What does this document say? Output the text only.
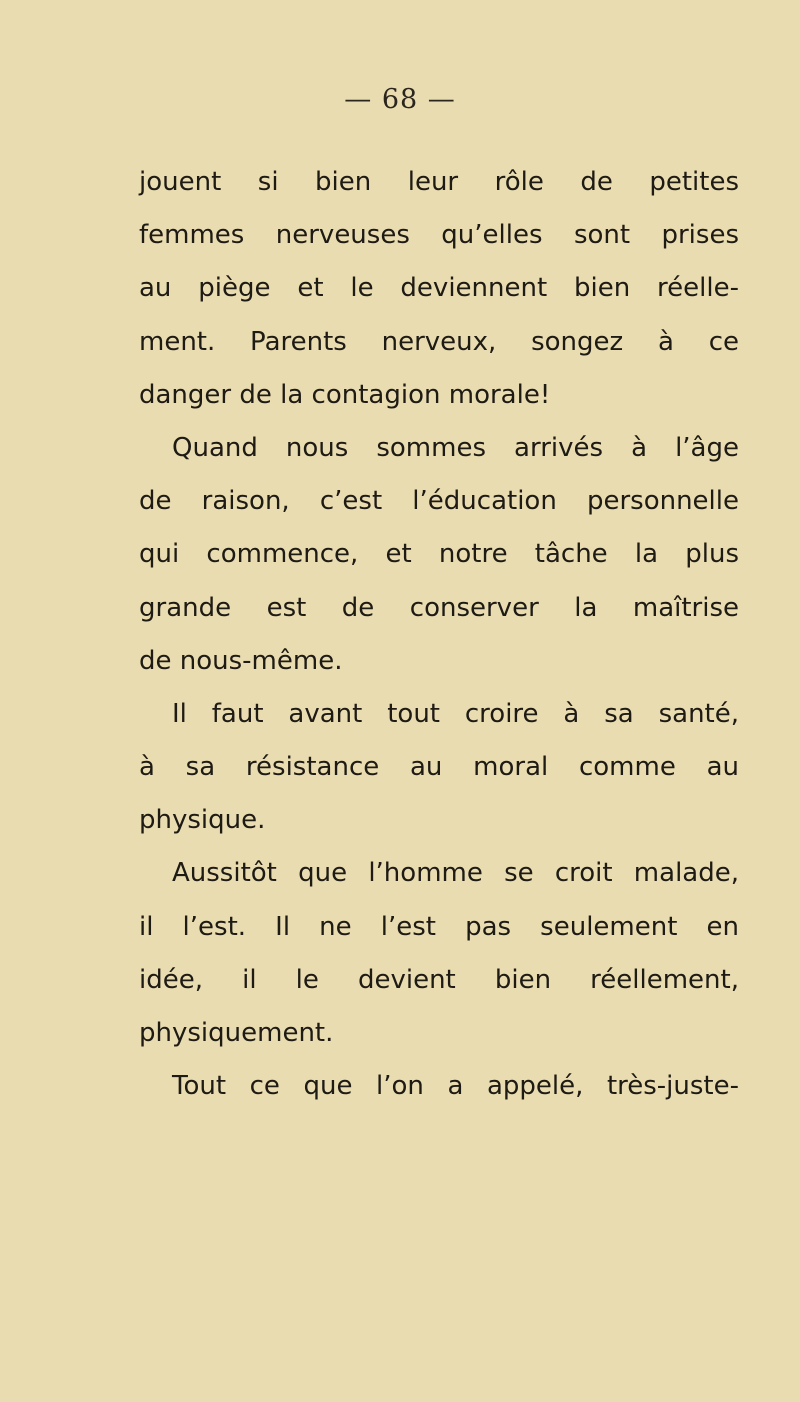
— 68 —
jouent si bien leur rôle de petites
femmes nerveuses qu’elles sont prises
au piège et le deviennent bien réelle-
ment. Parents nerveux, songez à ce
danger de la contagion morale!
Quand nous sommes arrivés à l’âge
de raison, c’est l’éducation personnelle
qui commence, et notre tâche la plus
grande est de conserver la maîtrise
de nous-même.
Il faut avant tout croire à sa santé,
à sa résistance au moral comme au
physique.
Aussitôt que l’homme se croit malade,
il l’est. Il ne l’est pas seulement en
idée, il le devient bien réellement,
physiquement.
Tout ce que l’on a appelé, très-juste-
